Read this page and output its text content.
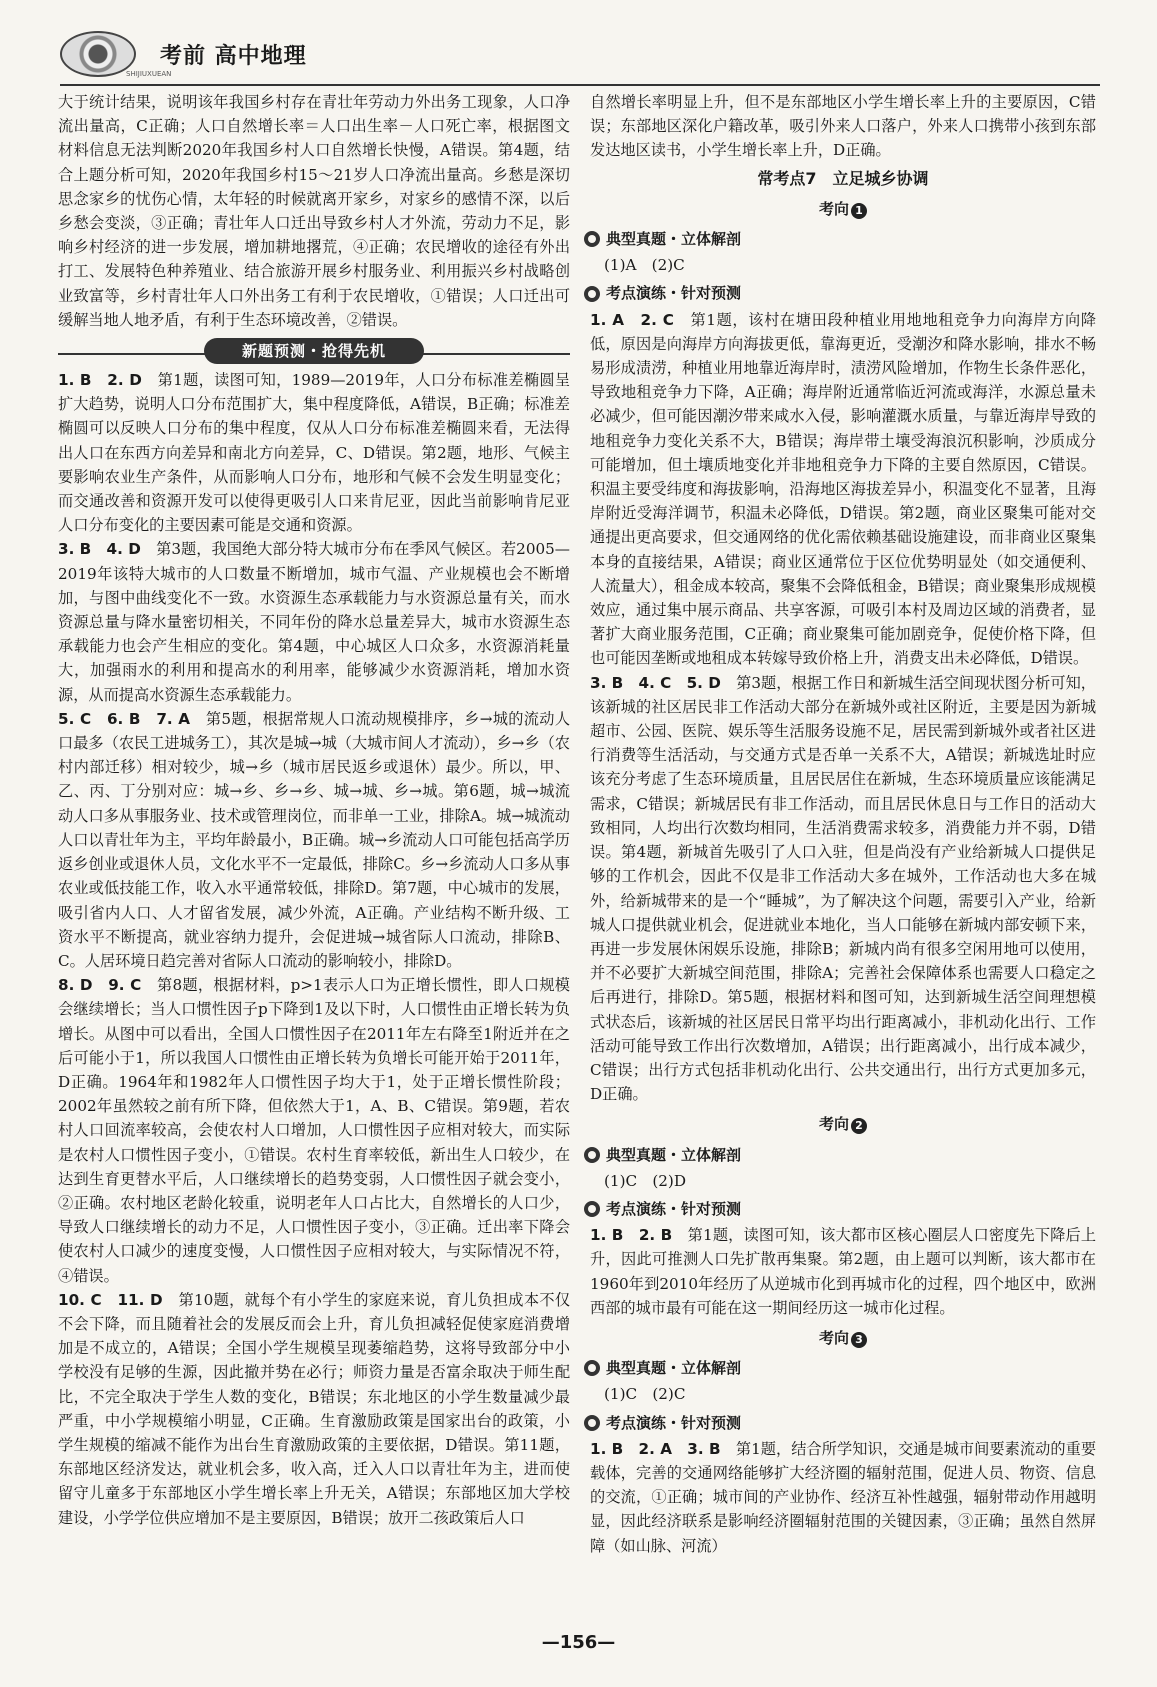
SHIJIUXUEAN
考前 高中地理

大于统计结果，说明该年我国乡村存在青壮年劳动力外出务工现象，人口净流出量高，C正确；人口自然增长率＝人口出生率－人口死亡率，根据图文材料信息无法判断2020年我国乡村人口自然增长快慢，A错误。第4题，结合上题分析可知，2020年我国乡村15～21岁人口净流出量高。乡愁是深切思念家乡的忧伤心情，太年轻的时候就离开家乡，对家乡的感情不深，以后乡愁会变淡，③正确；青壮年人口迁出导致乡村人才外流，劳动力不足，影响乡村经济的进一步发展，增加耕地撂荒，④正确；农民增收的途径有外出打工、发展特色种养殖业、结合旅游开展乡村服务业、利用振兴乡村战略创业致富等，乡村青壮年人口外出务工有利于农民增收，①错误；人口迁出可缓解当地人地矛盾，有利于生态环境改善，②错误。

新题预测・抢得先机

1. B　2. D　 第1题，读图可知，1989—2019年，人口分布标准差椭圆呈扩大趋势，说明人口分布范围扩大，集中程度降低，A错误，B正确；标准差椭圆可以反映人口分布的集中程度，仅从人口分布标准差椭圆来看，无法得出人口在东西方向差异和南北方向差异，C、D错误。第2题，地形、气候主要影响农业生产条件，从而影响人口分布，地形和气候不会发生明显变化；而交通改善和资源开发可以使得更吸引人口来肯尼亚，因此当前影响肯尼亚人口分布变化的主要因素可能是交通和资源。

3. B　4. D　 第3题，我国绝大部分特大城市分布在季风气候区。若2005—2019年该特大城市的人口数量不断增加，城市气温、产业规模也会不断增加，与图中曲线变化不一致。水资源生态承载能力与水资源总量有关，而水资源总量与降水量密切相关，不同年份的降水总量差异大，城市水资源生态承载能力也会产生相应的变化。第4题，中心城区人口众多，水资源消耗量大，加强雨水的利用和提高水的利用率，能够减少水资源消耗，增加水资源，从而提高水资源生态承载能力。

5. C　6. B　7. A　 第5题，根据常规人口流动规模排序，乡→城的流动人口最多（农民工进城务工），其次是城→城（大城市间人才流动），乡→乡（农村内部迁移）相对较少，城→乡（城市居民返乡或退休）最少。所以，甲、乙、丙、丁分别对应：城→乡、乡→乡、城→城、乡→城。第6题，城→城流动人口多从事服务业、技术或管理岗位，而非单一工业，排除A。城→城流动人口以青壮年为主，平均年龄最小，B正确。城→乡流动人口可能包括高学历返乡创业或退休人员，文化水平不一定最低，排除C。乡→乡流动人口多从事农业或低技能工作，收入水平通常较低，排除D。第7题，中心城市的发展，吸引省内人口、人才留省发展，减少外流，A正确。产业结构不断升级、工资水平不断提高，就业容纳力提升，会促进城→城省际人口流动，排除B、C。人居环境日趋完善对省际人口流动的影响较小，排除D。

8. D　9. C　 第8题，根据材料，p>1表示人口为正增长惯性，即人口规模会继续增长；当人口惯性因子p下降到1及以下时，人口惯性由正增长转为负增长。从图中可以看出，全国人口惯性因子在2011年左右降至1附近并在之后可能小于1，所以我国人口惯性由正增长转为负增长可能开始于2011年，D正确。1964年和1982年人口惯性因子均大于1，处于正增长惯性阶段；2002年虽然较之前有所下降，但依然大于1，A、B、C错误。第9题，若农村人口回流率较高，会使农村人口增加，人口惯性因子应相对较大，而实际是农村人口惯性因子变小，①错误。农村生育率较低，新出生人口较少，在达到生育更替水平后，人口继续增长的趋势变弱，人口惯性因子就会变小，②正确。农村地区老龄化较重，说明老年人口占比大，自然增长的人口少，导致人口继续增长的动力不足，人口惯性因子变小，③正确。迁出率下降会使农村人口减少的速度变慢，人口惯性因子应相对较大，与实际情况不符，④错误。

10. C　11. D　 第10题，就每个有小学生的家庭来说，育儿负担成本不仅不会下降，而且随着社会的发展反而会上升，育儿负担减轻促使家庭消费增加是不成立的，A错误；全国小学生规模呈现萎缩趋势，这将导致部分中小学校没有足够的生源，因此撤并势在必行；师资力量是否富余取决于师生配比，不完全取决于学生人数的变化，B错误；东北地区的小学生数量减少最严重，中小学规模缩小明显，C正确。生育激励政策是国家出台的政策，小学生规模的缩减不能作为出台生育激励政策的主要依据，D错误。第11题，东部地区经济发达，就业机会多，收入高，迁入人口以青壮年为主，进而使留守儿童多于东部地区小学生增长率上升无关，A错误；东部地区加大学校建设，小学学位供应增加不是主要原因，B错误；放开二孩政策后人口

自然增长率明显上升，但不是东部地区小学生增长率上升的主要原因，C错误；东部地区深化户籍改革，吸引外来人口落户，外来人口携带小孩到东部发达地区读书，小学生增长率上升，D正确。

常考点7　立足城乡协调
考向 1
典型真题・立体解剖

(1)A　(2)C

考点演练・针对预测

1. A　2. C　 第1题，该村在塘田段种植业用地地租竞争力向海岸方向降低，原因是向海岸方向海拔更低，靠海更近，受潮汐和降水影响，排水不畅易形成渍涝，种植业用地靠近海岸时，渍涝风险增加，作物生长条件恶化，导致地租竞争力下降，A正确；海岸附近通常临近河流或海洋，水源总量未必减少，但可能因潮汐带来咸水入侵，影响灌溉水质量，与靠近海岸导致的地租竞争力变化关系不大，B错误；海岸带土壤受海浪沉积影响，沙质成分可能增加，但土壤质地变化并非地租竞争力下降的主要自然原因，C错误。积温主要受纬度和海拔影响，沿海地区海拔差异小，积温变化不显著，且海岸附近受海洋调节，积温未必降低，D错误。第2题，商业区聚集可能对交通提出更高要求，但交通网络的优化需依赖基础设施建设，而非商业区聚集本身的直接结果，A错误；商业区通常位于区位优势明显处（如交通便利、人流量大），租金成本较高，聚集不会降低租金，B错误；商业聚集形成规模效应，通过集中展示商品、共享客源，可吸引本村及周边区域的消费者，显著扩大商业服务范围，C正确；商业聚集可能加剧竞争，促使价格下降，但也可能因垄断或地租成本转嫁导致价格上升，消费支出未必降低，D错误。

3. B　4. C　5. D　 第3题，根据工作日和新城生活空间现状图分析可知，该新城的社区居民非工作活动大部分在新城外或社区附近，主要是因为新城超市、公园、医院、娱乐等生活服务设施不足，居民需到新城外或者社区进行消费等生活活动，与交通方式是否单一关系不大，A错误；新城选址时应该充分考虑了生态环境质量，且居民居住在新城，生态环境质量应该能满足需求，C错误；新城居民有非工作活动，而且居民休息日与工作日的活动大致相同，人均出行次数均相同，生活消费需求较多，消费能力并不弱，D错误。第4题，新城首先吸引了人口入驻，但是尚没有产业给新城人口提供足够的工作机会，因此不仅是非工作活动大多在城外，工作活动也大多在城外，给新城带来的是一个“睡城”，为了解决这个问题，需要引入产业，给新城人口提供就业机会，促进就业本地化，当人口能够在新城内部安顿下来，再进一步发展休闲娱乐设施，排除B；新城内尚有很多空闲用地可以使用，并不必要扩大新城空间范围，排除A；完善社会保障体系也需要人口稳定之后再进行，排除D。第5题，根据材料和图可知，达到新城生活空间理想模式状态后，该新城的社区居民日常平均出行距离减小，非机动化出行、工作活动可能导致工作出行次数增加，A错误；出行距离减小，出行成本减少，C错误；出行方式包括非机动化出行、公共交通出行，出行方式更加多元，D正确。

考向 2
典型真题・立体解剖

(1)C　(2)D

考点演练・针对预测

1. B　2. B　 第1题，读图可知，该大都市区核心圈层人口密度先下降后上升，因此可推测人口先扩散再集聚。第2题，由上题可以判断，该大都市在1960年到2010年经历了从逆城市化到再城市化的过程，四个地区中，欧洲西部的城市最有可能在这一期间经历这一城市化过程。

考向 3
典型真题・立体解剖

(1)C　(2)C

考点演练・针对预测

1. B　2. A　3. B　 第1题，结合所学知识，交通是城市间要素流动的重要载体，完善的交通网络能够扩大经济圈的辐射范围，促进人员、物资、信息的交流，①正确；城市间的产业协作、经济互补性越强，辐射带动作用越明显，因此经济联系是影响经济圈辐射范围的关键因素，③正确；虽然自然屏障（如山脉、河流）

—156—
